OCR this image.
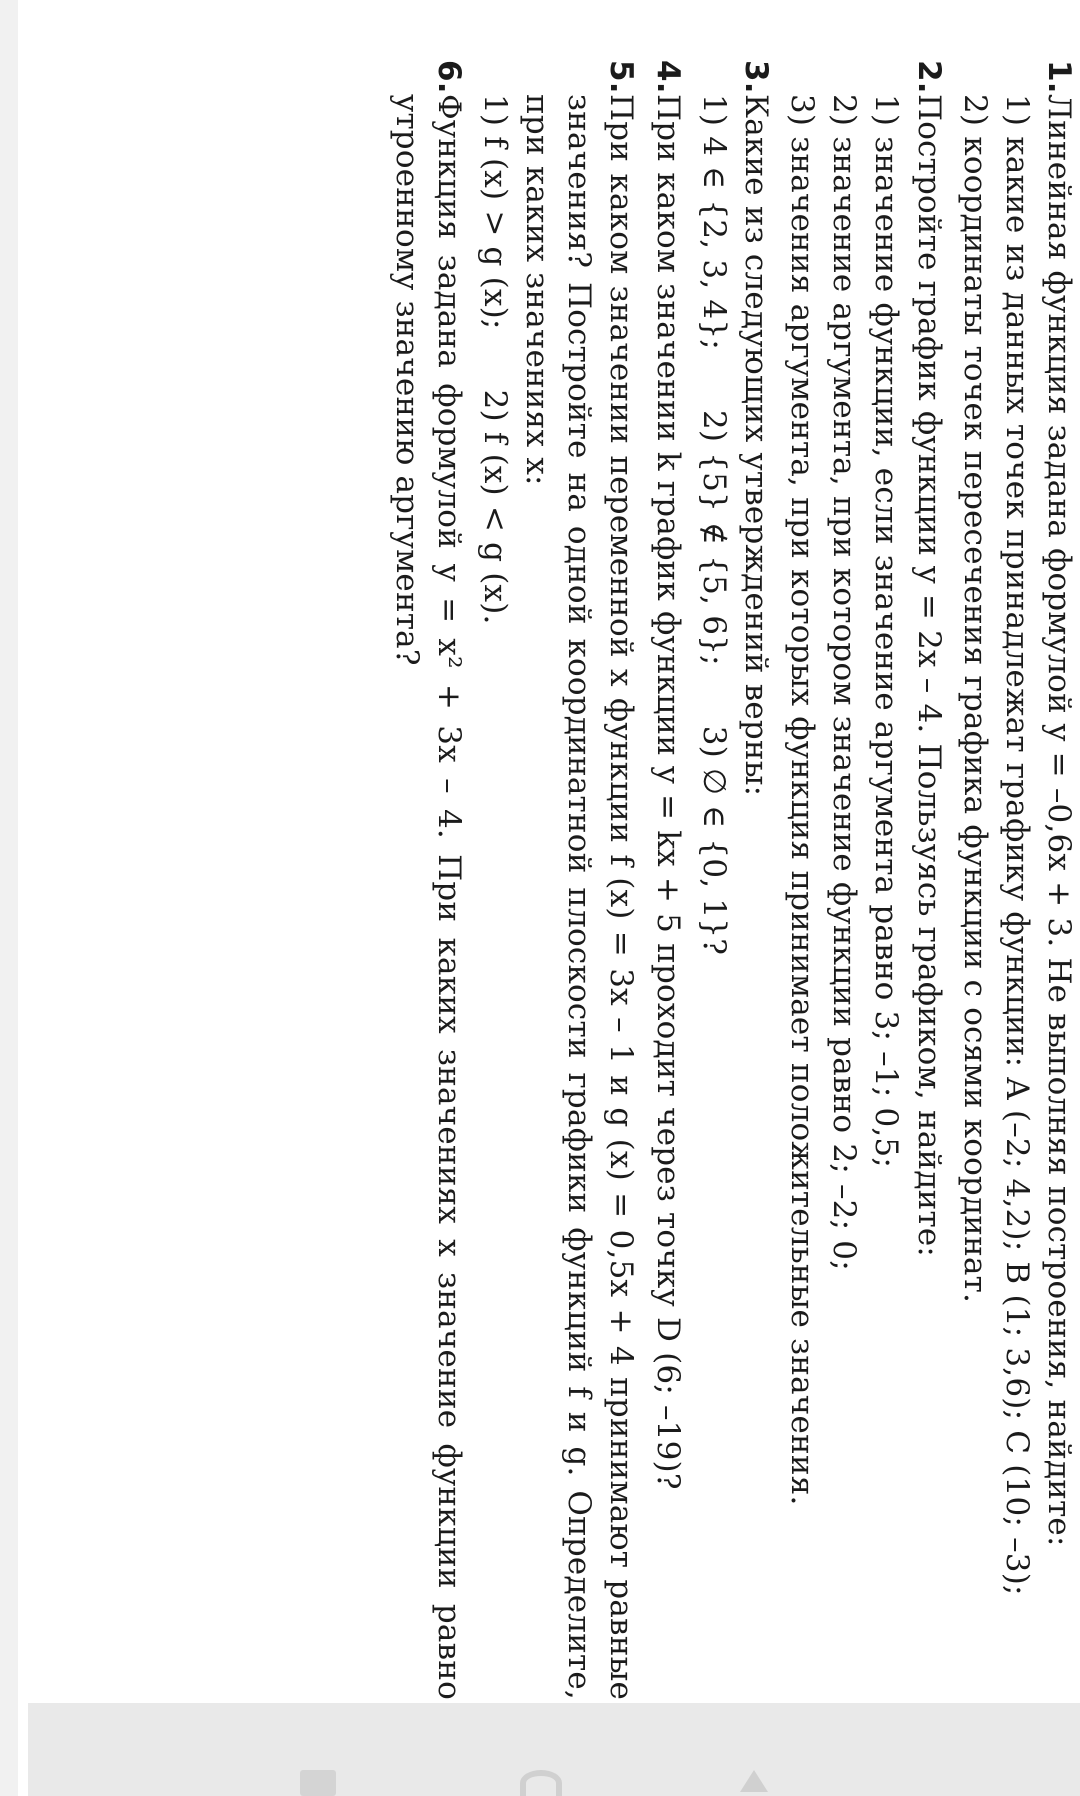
1.
Линейная функция задана формулой y = –0,6x + 3. Не выполняя построения, найдите:
1) какие из данных точек принадлежат графику функции: A (–2; 4,2); B (1; 3,6); C (10; –3);
2) координаты точек пересечения графика функции с осями координат.
2.
Постройте график функции y = 2x – 4. Пользуясь графиком, найдите:
1) значение функции, если значение аргумента равно 3; –1; 0,5;
2) значение аргумента, при котором значение функции равно 2; –2; 0;
3) значения аргумента, при которых функция принимает положительные значения.
3.
Какие из следующих утверждений верны:
1) 4 ∈ {2, 3, 4};
2) {5} ∉ {5, 6};
3) ∅ ∈ {0, 1}?
4.
При каком значении k график функции y = kx + 5 проходит через точку D (6; –19)?
5.
При каком значении переменной x функции f (x) = 3x – 1 и g (x) = 0,5x + 4 принимают равные значения? Постройте на одной координатной плоскости графики функций f и g. Определите, при каких значениях x:
1) f (x) > g (x);
2) f (x) < g (x).
6.
Функция задана формулой y = x² + 3x – 4. При каких значениях x значение функции равно утроенному значению аргумента?
